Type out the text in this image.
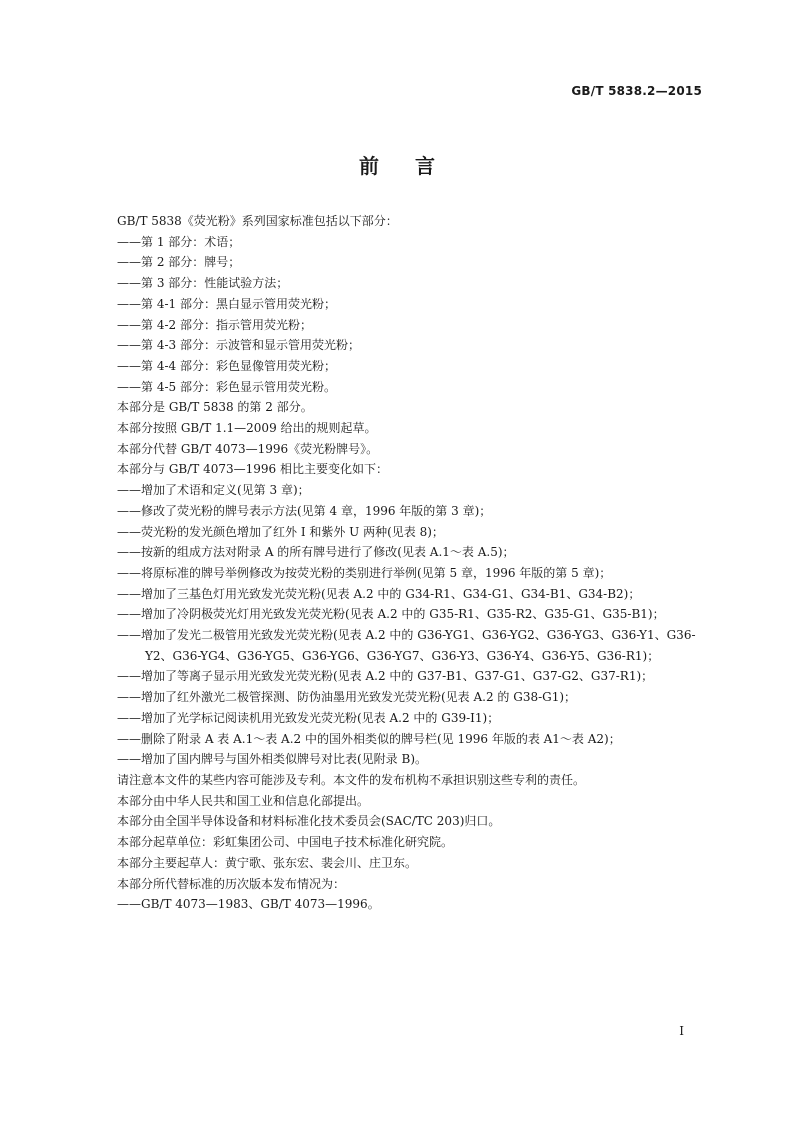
GB/T 5838.2—2015
前言
GB/T 5838《荧光粉》系列国家标准包括以下部分：
——第 1 部分：术语；
——第 2 部分：牌号；
——第 3 部分：性能试验方法；
——第 4-1 部分：黑白显示管用荧光粉；
——第 4-2 部分：指示管用荧光粉；
——第 4-3 部分：示波管和显示管用荧光粉；
——第 4-4 部分：彩色显像管用荧光粉；
——第 4-5 部分：彩色显示管用荧光粉。
本部分是 GB/T 5838 的第 2 部分。
本部分按照 GB/T 1.1—2009 给出的规则起草。
本部分代替 GB/T 4073—1996《荧光粉牌号》。
本部分与 GB/T 4073—1996 相比主要变化如下：
——增加了术语和定义(见第 3 章)；
——修改了荧光粉的牌号表示方法(见第 4 章，1996 年版的第 3 章)；
——荧光粉的发光颜色增加了红外 I 和紫外 U 两种(见表 8)；
——按新的组成方法对附录 A 的所有牌号进行了修改(见表 A.1～表 A.5)；
——将原标准的牌号举例修改为按荧光粉的类别进行举例(见第 5 章，1996 年版的第 5 章)；
——增加了三基色灯用光致发光荧光粉(见表 A.2 中的 G34-R1、G34-G1、G34-B1、G34-B2)；
——增加了冷阴极荧光灯用光致发光荧光粉(见表 A.2 中的 G35-R1、G35-R2、G35-G1、G35-B1)；
——增加了发光二极管用光致发光荧光粉(见表 A.2 中的 G36-YG1、G36-YG2、G36-YG3、G36-Y1、G36-Y2、G36-YG4、G36-YG5、G36-YG6、G36-YG7、G36-Y3、G36-Y4、G36-Y5、G36-R1)；
——增加了等离子显示用光致发光荧光粉(见表 A.2 中的 G37-B1、G37-G1、G37-G2、G37-R1)；
——增加了红外激光二极管探测、防伪油墨用光致发光荧光粉(见表 A.2 的 G38-G1)；
——增加了光学标记阅读机用光致发光荧光粉(见表 A.2 中的 G39-I1)；
——删除了附录 A 表 A.1～表 A.2 中的国外相类似的牌号栏(见 1996 年版的表 A1～表 A2)；
——增加了国内牌号与国外相类似牌号对比表(见附录 B)。
请注意本文件的某些内容可能涉及专利。本文件的发布机构不承担识别这些专利的责任。
本部分由中华人民共和国工业和信息化部提出。
本部分由全国半导体设备和材料标准化技术委员会(SAC/TC 203)归口。
本部分起草单位：彩虹集团公司、中国电子技术标准化研究院。
本部分主要起草人：黄宁歌、张东宏、裴会川、庄卫东。
本部分所代替标准的历次版本发布情况为：
——GB/T 4073—1983、GB/T 4073—1996。
I
